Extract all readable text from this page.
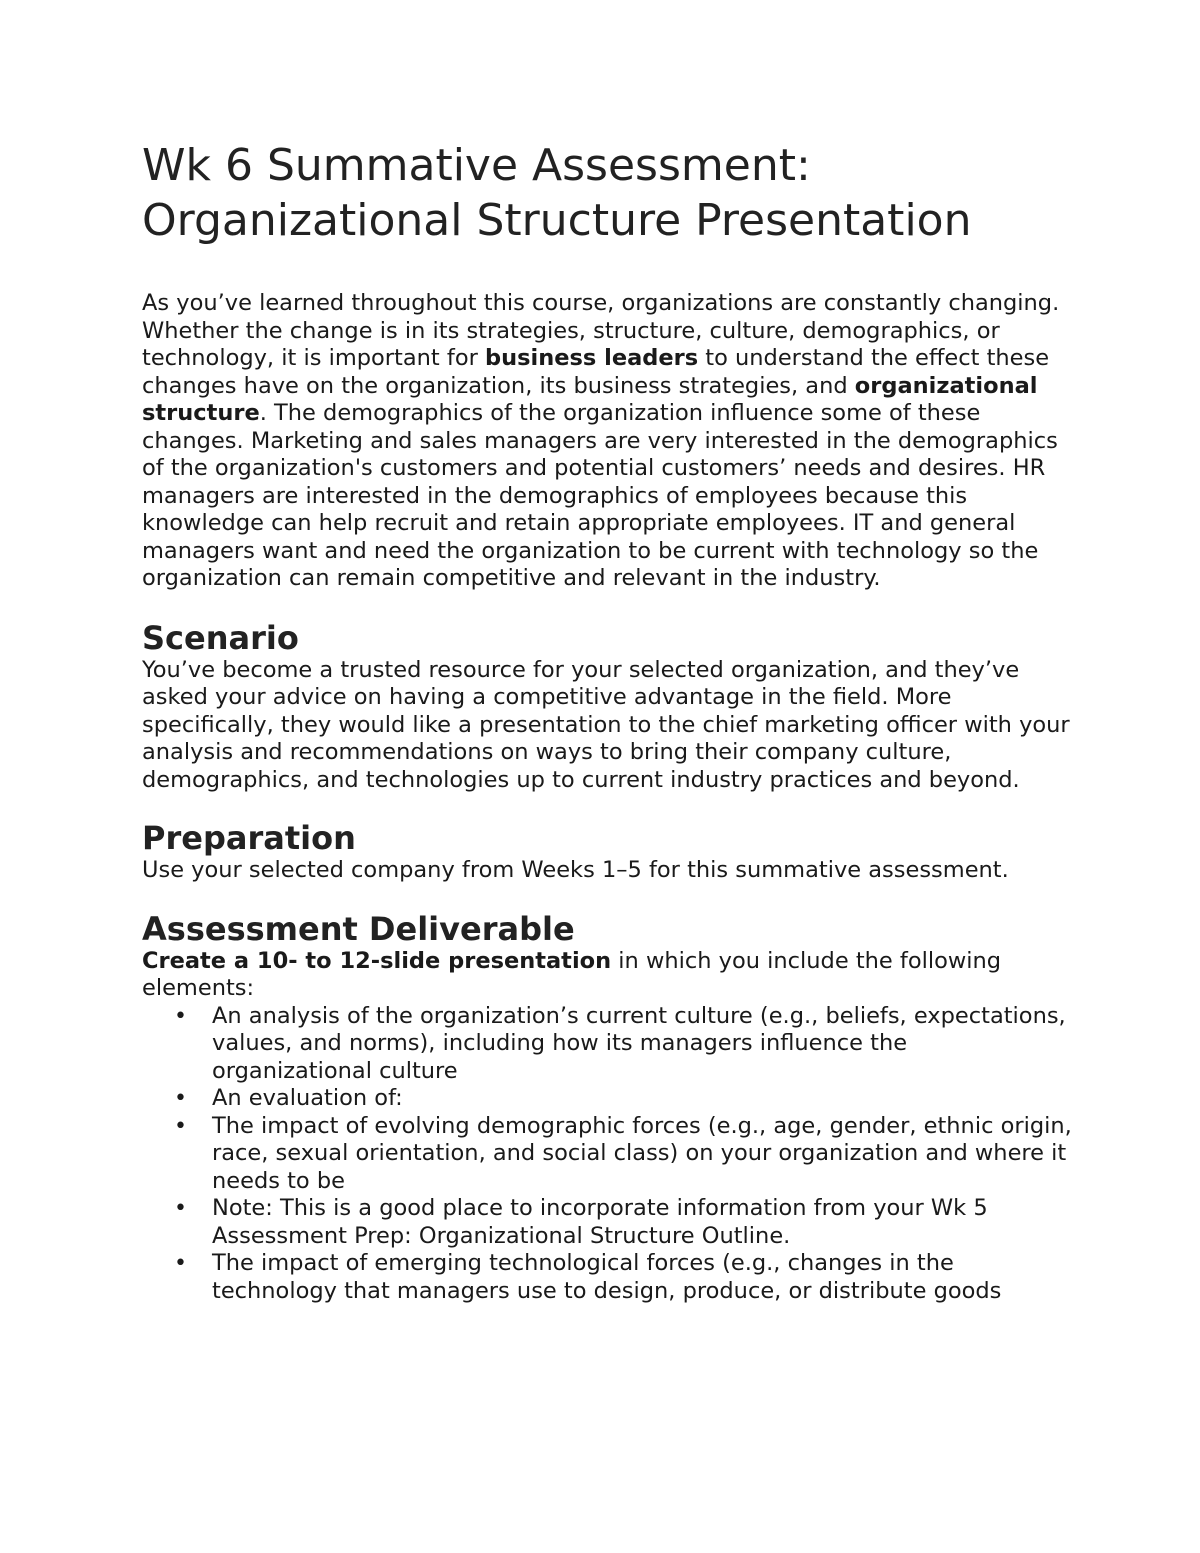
Wk 6 Summative Assessment:
Organizational Structure Presentation

As you’ve learned throughout this course, organizations are constantly changing. Whether the change is in its strategies, structure, culture, demographics, or technology, it is important for business leaders to understand the effect these changes have on the organization, its business strategies, and organizational structure. The demographics of the organization influence some of these changes. Marketing and sales managers are very interested in the demographics of the organization's customers and potential customers’ needs and desires. HR managers are interested in the demographics of employees because this knowledge can help recruit and retain appropriate employees. IT and general managers want and need the organization to be current with technology so the organization can remain competitive and relevant in the industry.

Scenario

You’ve become a trusted resource for your selected organization, and they’ve asked your advice on having a competitive advantage in the field. More specifically, they would like a presentation to the chief marketing officer with your analysis and recommendations on ways to bring their company culture, demographics, and technologies up to current industry practices and beyond.

Preparation

Use your selected company from Weeks 1–5 for this summative assessment.

Assessment Deliverable

Create a 10- to 12-slide presentation in which you include the following elements:

• An analysis of the organization’s current culture (e.g., beliefs, expectations, values, and norms), including how its managers influence the organizational culture
• An evaluation of:
• The impact of evolving demographic forces (e.g., age, gender, ethnic origin, race, sexual orientation, and social class) on your organization and where it needs to be
• Note: This is a good place to incorporate information from your Wk 5 Assessment Prep: Organizational Structure Outline.
• The impact of emerging technological forces (e.g., changes in the technology that managers use to design, produce, or distribute goods
